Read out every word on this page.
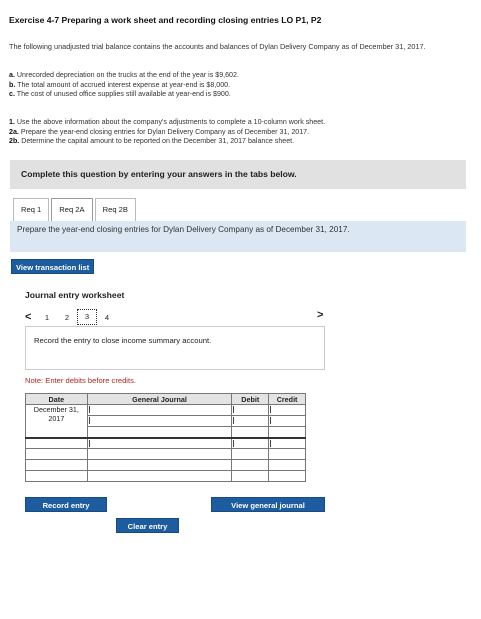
Exercise 4-7 Preparing a work sheet and recording closing entries LO P1, P2
The following unadjusted trial balance contains the accounts and balances of Dylan Delivery Company as of December 31, 2017.
a. Unrecorded depreciation on the trucks at the end of the year is $9,602.
b. The total amount of accrued interest expense at year-end is $8,000.
c. The cost of unused office supplies still available at year-end is $900.
1. Use the above information about the company's adjustments to complete a 10-column work sheet.
2a. Prepare the year-end closing entries for Dylan Delivery Company as of December 31, 2017.
2b. Determine the capital amount to be reported on the December 31, 2017 balance sheet.
Complete this question by entering your answers in the tabs below.
Req 1	Req 2A	Req 2B
Prepare the year-end closing entries for Dylan Delivery Company as of December 31, 2017.
View transaction list
Journal entry worksheet
<	1	2	3	4	>
Record the entry to close income summary account.
Note: Enter debits before credits.
Date	General Journal	Debit	Credit
December 31, 2017			

Record entry	View general journal
Clear entry
